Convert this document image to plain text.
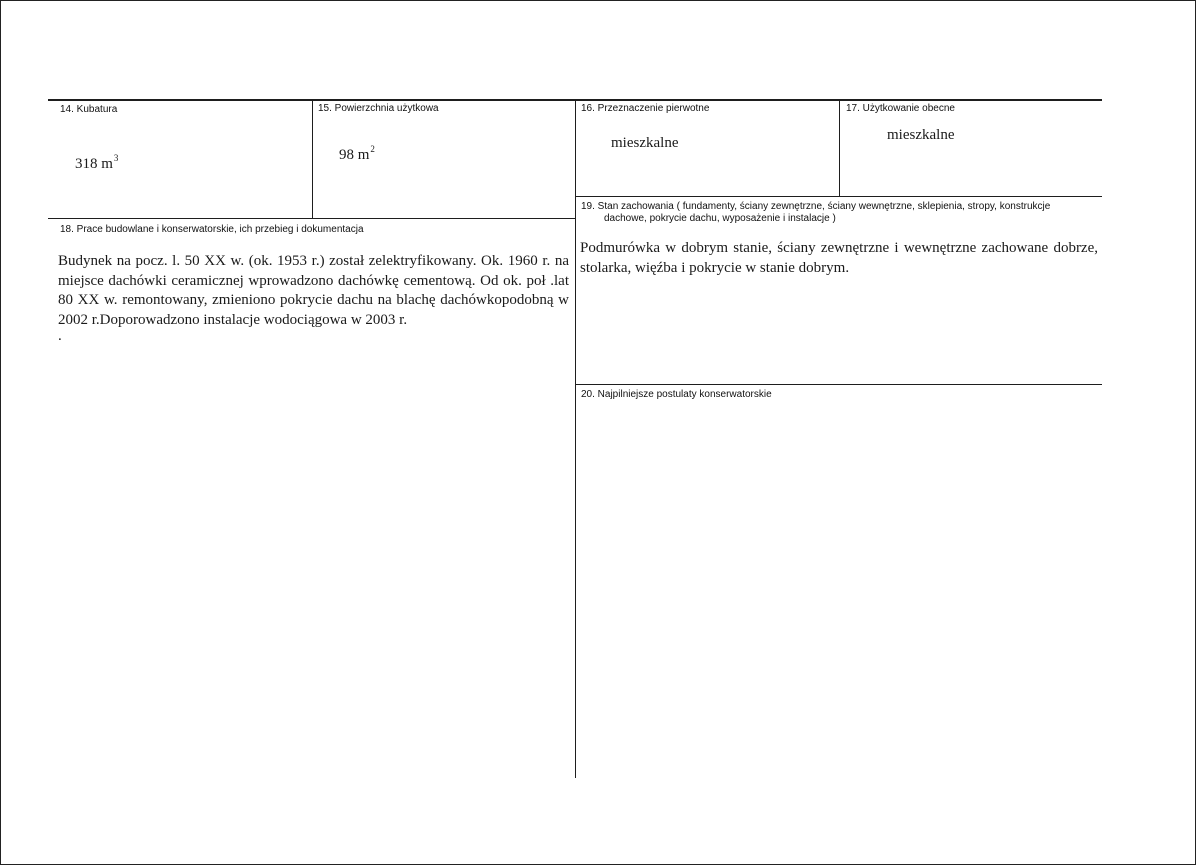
14. Kubatura
318 $m^3$
15. Powierzchnia użytkowa
98 $m^2$
16. Przeznaczenie pierwotne
mieszkalne
17. Użytkowanie obecne
mieszkalne
18. Prace budowlane i konserwatorskie, ich przebieg i dokumentacja
Budynek na pocz. l. 50 XX w. (ok. 1953 r.) został zelektryfikowany. Ok. 1960 r. na miejsce dachówki ceramicznej wprowadzono dachówkę cementową. Od ok. poł .lat 80 XX w. remontowany, zmieniono pokrycie dachu na blachę dachówkopodobną w 2002 r.Doporowadzono instalacje wodociągowa w 2003 r.
.
19. Stan zachowania ( fundamenty, ściany zewnętrzne, ściany wewnętrzne, sklepienia, stropy, konstrukcje
dachowe, pokrycie dachu, wyposażenie i instalacje )
Podmurówka w dobrym stanie, ściany zewnętrzne i wewnętrzne zachowane dobrze, stolarka, więźba i pokrycie w stanie dobrym.
20. Najpilniejsze postulaty konserwatorskie
